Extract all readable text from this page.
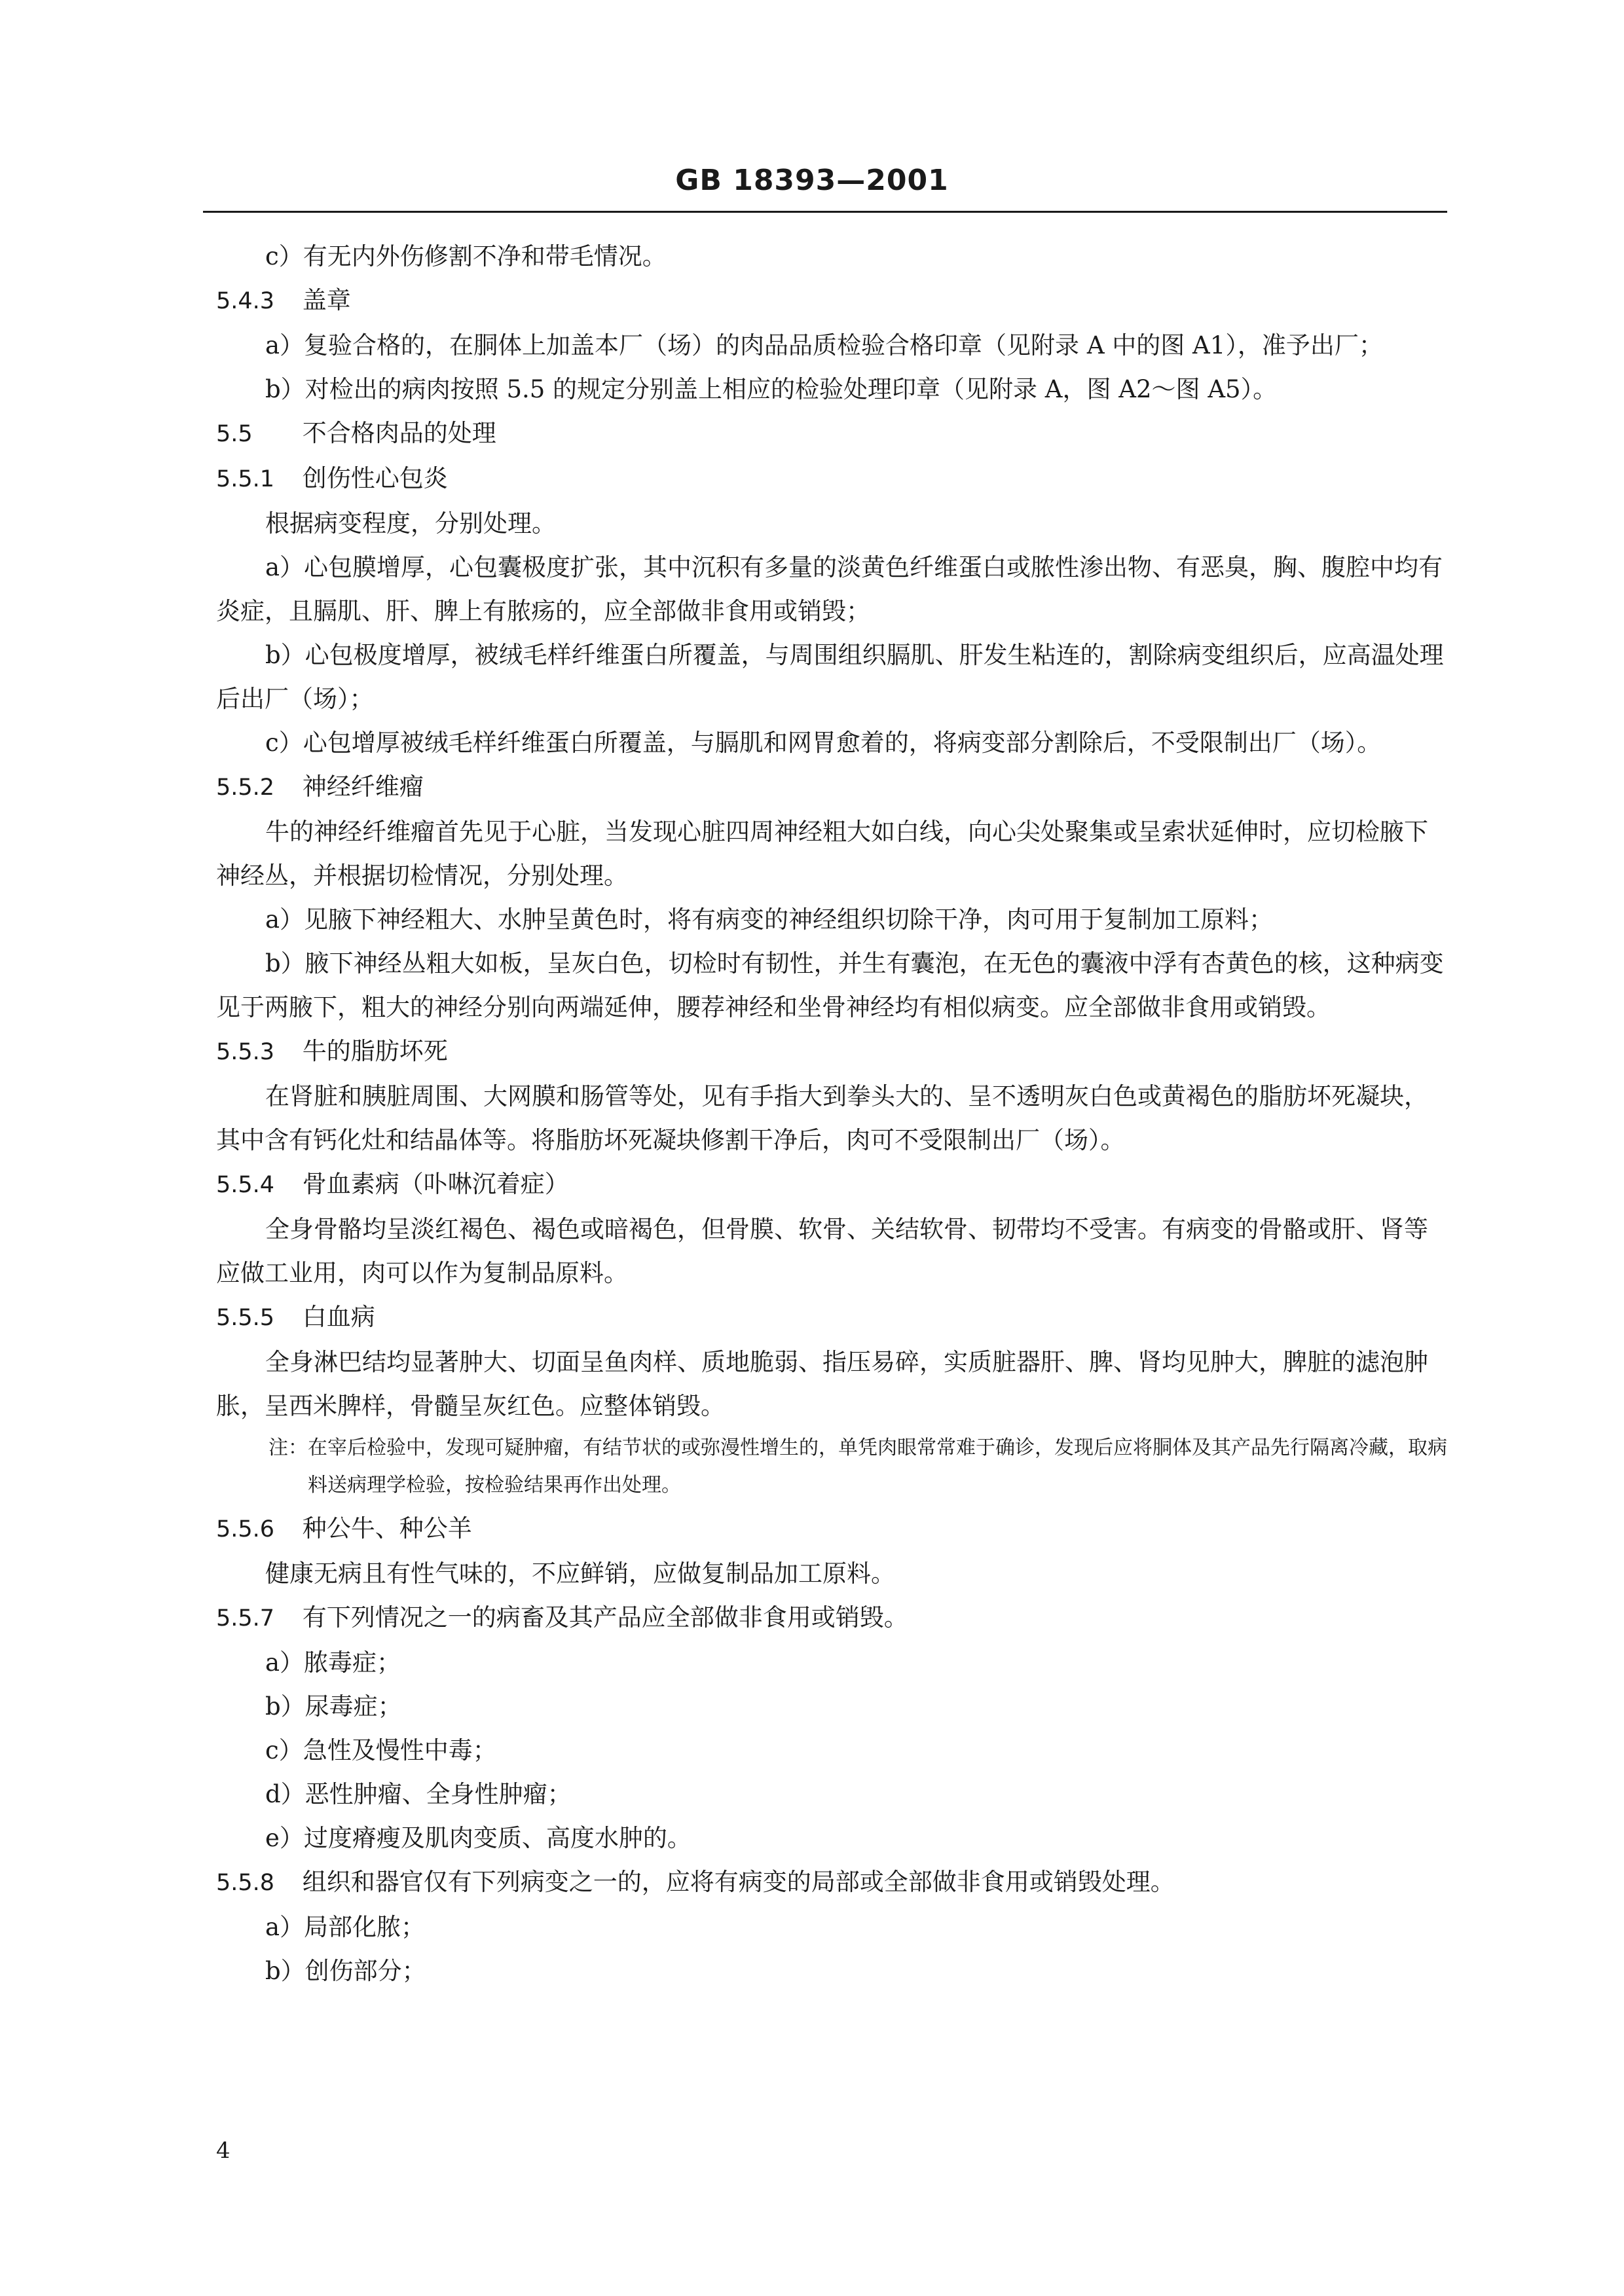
GB 18393—2001

c）有无内外伤修割不净和带毛情况。

5.4.3 盖章

a）复验合格的，在胴体上加盖本厂（场）的肉品品质检验合格印章（见附录 A 中的图 A1），准予出厂；

b）对检出的病肉按照 5.5 的规定分别盖上相应的检验处理印章（见附录 A，图 A2～图 A5）。

5.5 不合格肉品的处理

5.5.1 创伤性心包炎

根据病变程度，分别处理。

a）心包膜增厚，心包囊极度扩张，其中沉积有多量的淡黄色纤维蛋白或脓性渗出物、有恶臭，胸、腹腔中均有炎症，且膈肌、肝、脾上有脓疡的，应全部做非食用或销毁；

b）心包极度增厚，被绒毛样纤维蛋白所覆盖，与周围组织膈肌、肝发生粘连的，割除病变组织后，应高温处理后出厂（场）；

c）心包增厚被绒毛样纤维蛋白所覆盖，与膈肌和网胃愈着的，将病变部分割除后，不受限制出厂（场）。

5.5.2 神经纤维瘤

牛的神经纤维瘤首先见于心脏，当发现心脏四周神经粗大如白线，向心尖处聚集或呈索状延伸时，应切检腋下神经丛，并根据切检情况，分别处理。

a）见腋下神经粗大、水肿呈黄色时，将有病变的神经组织切除干净，肉可用于复制加工原料；

b）腋下神经丛粗大如板，呈灰白色，切检时有韧性，并生有囊泡，在无色的囊液中浮有杏黄色的核，这种病变见于两腋下，粗大的神经分别向两端延伸，腰荐神经和坐骨神经均有相似病变。应全部做非食用或销毁。

5.5.3 牛的脂肪坏死

在肾脏和胰脏周围、大网膜和肠管等处，见有手指大到拳头大的、呈不透明灰白色或黄褐色的脂肪坏死凝块，其中含有钙化灶和结晶体等。将脂肪坏死凝块修割干净后，肉可不受限制出厂（场）。

5.5.4 骨血素病（卟啉沉着症）

全身骨骼均呈淡红褐色、褐色或暗褐色，但骨膜、软骨、关结软骨、韧带均不受害。有病变的骨骼或肝、肾等应做工业用，肉可以作为复制品原料。

5.5.5 白血病

全身淋巴结均显著肿大、切面呈鱼肉样、质地脆弱、指压易碎，实质脏器肝、脾、肾均见肿大，脾脏的滤泡肿胀，呈西米脾样，骨髓呈灰红色。应整体销毁。

注：在宰后检验中，发现可疑肿瘤，有结节状的或弥漫性增生的，单凭肉眼常常难于确诊，发现后应将胴体及其产品先行隔离冷藏，取病料送病理学检验，按检验结果再作出处理。

5.5.6 种公牛、种公羊

健康无病且有性气味的，不应鲜销，应做复制品加工原料。

5.5.7 有下列情况之一的病畜及其产品应全部做非食用或销毁。

a）脓毒症；

b）尿毒症；

c）急性及慢性中毒；

d）恶性肿瘤、全身性肿瘤；

e）过度瘠瘦及肌肉变质、高度水肿的。

5.5.8 组织和器官仅有下列病变之一的，应将有病变的局部或全部做非食用或销毁处理。

a）局部化脓；

b）创伤部分；

4
